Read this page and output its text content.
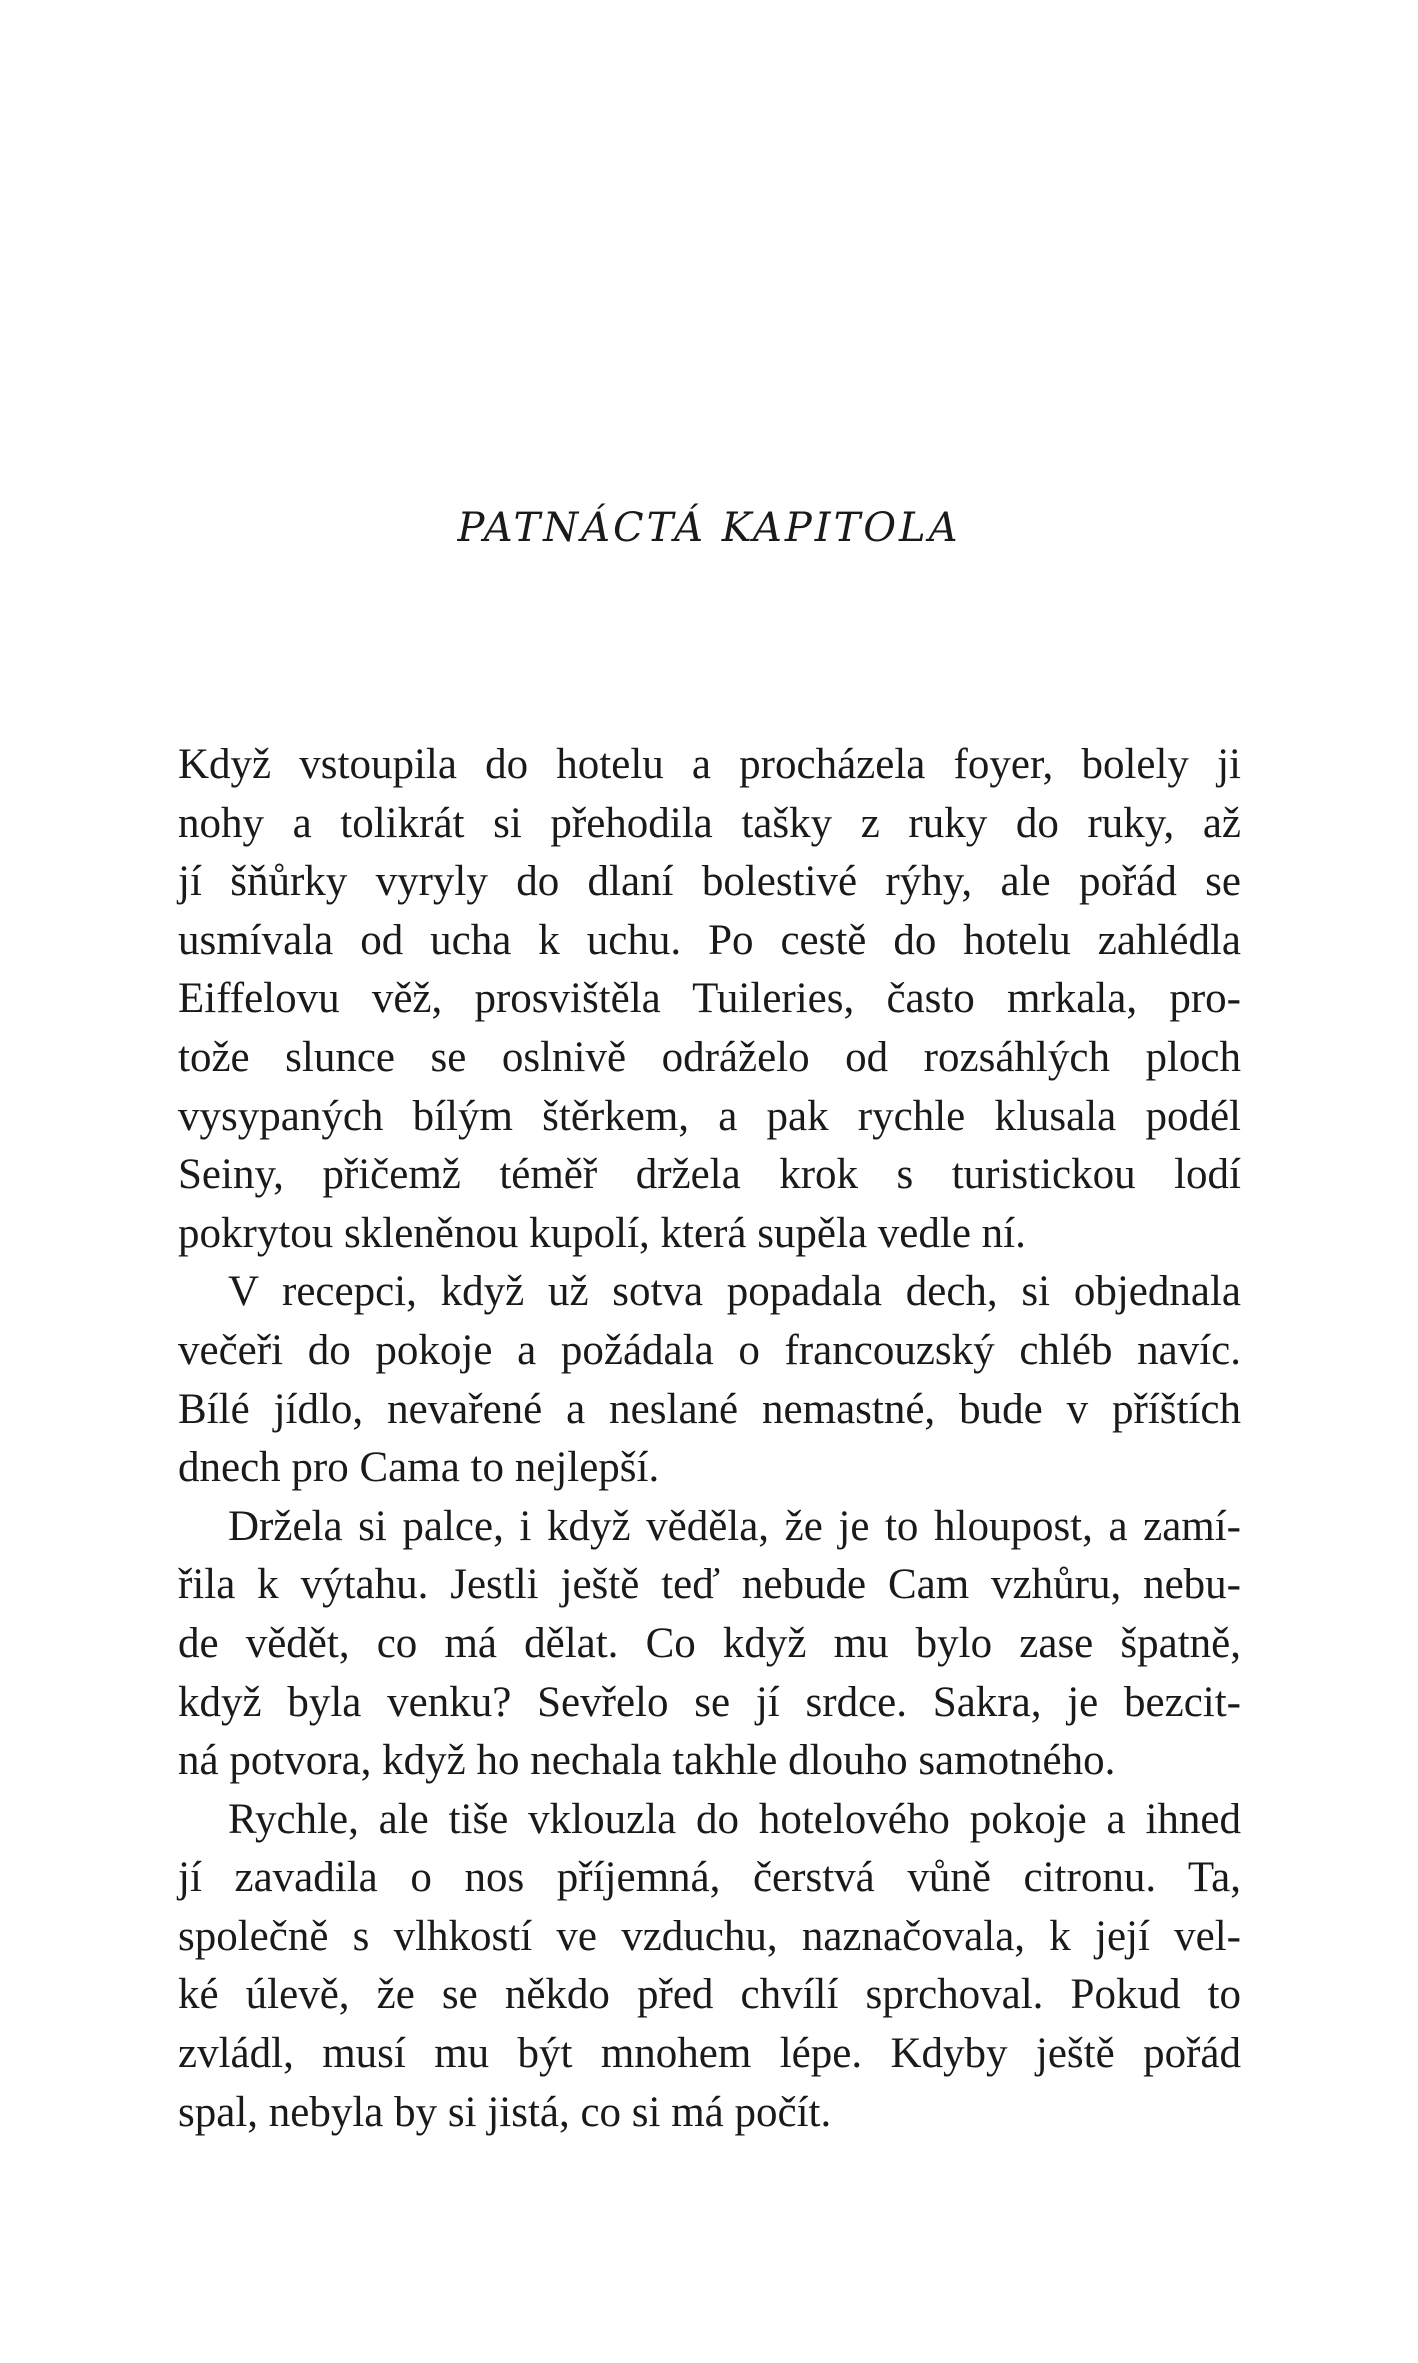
PATNÁCTÁ KAPITOLA

Když vstoupila do hotelu a procházela foyer, bolely ji
nohy a tolikrát si přehodila tašky z ruky do ruky, až
jí šňůrky vyryly do dlaní bolestivé rýhy, ale pořád se
usmívala od ucha k uchu. Po cestě do hotelu zahlédla
Eiffelovu věž, prosvištěla Tuileries, často mrkala, pro-
tože slunce se oslnivě odráželo od rozsáhlých ploch
vysypaných bílým štěrkem, a pak rychle klusala podél
Seiny, přičemž téměř držela krok s turistickou lodí
pokrytou skleněnou kupolí, která supěla vedle ní.

V recepci, když už sotva popadala dech, si objednala
večeři do pokoje a požádala o francouzský chléb navíc.
Bílé jídlo, nevařené a neslané nemastné, bude v příštích
dnech pro Cama to nejlepší.

Držela si palce, i když věděla, že je to hloupost, a zamí-
řila k výtahu. Jestli ještě teď nebude Cam vzhůru, nebu-
de vědět, co má dělat. Co když mu bylo zase špatně,
když byla venku? Sevřelo se jí srdce. Sakra, je bezcit-
ná potvora, když ho nechala takhle dlouho samotného.

Rychle, ale tiše vklouzla do hotelového pokoje a ihned
jí zavadila o nos příjemná, čerstvá vůně citronu. Ta,
společně s vlhkostí ve vzduchu, naznačovala, k její vel-
ké úlevě, že se někdo před chvílí sprchoval. Pokud to
zvládl, musí mu být mnohem lépe. Kdyby ještě pořád
spal, nebyla by si jistá, co si má počít.
